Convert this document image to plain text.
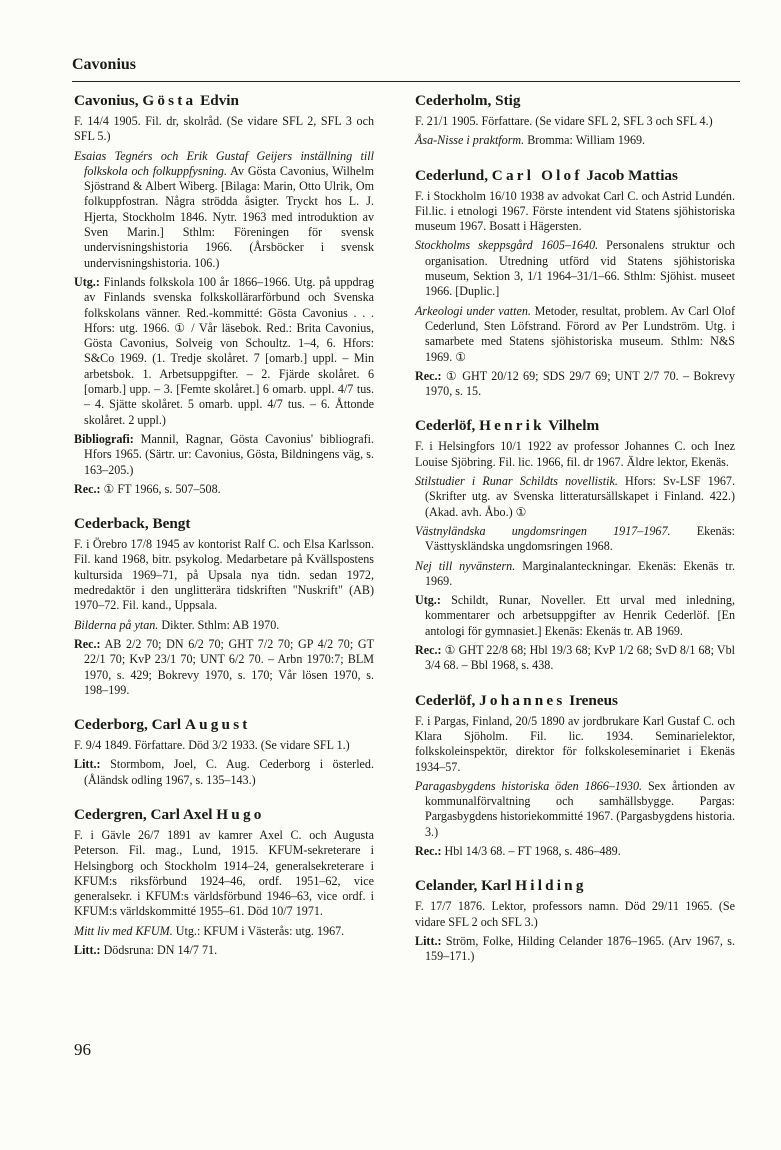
Cavonius
Cavonius, Gösta Edvin

F. 14/4 1905. Fil. dr, skolråd. (Se vidare SFL 2, SFL 3 och SFL 5.)

Esaias Tegnérs och Erik Gustaf Geijers inställning till folkskola och folkuppfysning. Av Gösta Cavonius, Wilhelm Sjöstrand & Albert Wiberg. [Bilaga: Marin, Otto Ulrik, Om folkuppfostran. Några strödda åsigter. Tryckt hos L. J. Hjerta, Stockholm 1846. Nytr. 1963 med introduktion av Sven Marin.] Sthlm: Föreningen för svensk undervisningshistoria 1966. (Årsböcker i svensk undervisningshistoria. 106.)

Utg.: Finlands folkskola 100 år 1866–1966. Utg. på uppdrag av Finlands svenska folkskollärarförbund och Svenska folkskolans vänner. Red.-kommitté: Gösta Cavonius . . . Hfors: utg. 1966. ① / Vår läsebok. Red.: Brita Cavonius, Gösta Cavonius, Solveig von Schoultz. 1–4, 6. Hfors: S&Co 1969. (1. Tredje skolåret. 7 [omarb.] uppl. – Min arbetsbok. 1. Arbetsuppgifter. – 2. Fjärde skolåret. 6 [omarb.] upp. – 3. [Femte skolåret.] 6 omarb. uppl. 4/7 tus. – 4. Sjätte skolåret. 5 omarb. uppl. 4/7 tus. – 6. Åttonde skolåret. 2 uppl.)

Bibliografi: Mannil, Ragnar, Gösta Cavonius' bibliografi. Hfors 1965. (Särtr. ur: Cavonius, Gösta, Bildningens väg, s. 163–205.)

Rec.: ① FT 1966, s. 507–508.

Cederback, Bengt

F. i Örebro 17/8 1945 av kontorist Ralf C. och Elsa Karlsson. Fil. kand 1968, bitr. psykolog. Medarbetare på Kvällspostens kultursida 1969–71, på Upsala nya tidn. sedan 1972, medredaktör i den unglitterära tidskriften "Nuskrift" (AB) 1970–72. Fil. kand., Uppsala.

Bilderna på ytan. Dikter. Sthlm: AB 1970.

Rec.: AB 2/2 70; DN 6/2 70; GHT 7/2 70; GP 4/2 70; GT 22/1 70; KvP 23/1 70; UNT 6/2 70. – Arbn 1970:7; BLM 1970, s. 429; Bokrevy 1970, s. 170; Vår lösen 1970, s. 198–199.

Cederborg, Carl August

F. 9/4 1849. Författare. Död 3/2 1933. (Se vidare SFL 1.)

Litt.: Stormbom, Joel, C. Aug. Cederborg i österled. (Åländsk odling 1967, s. 135–143.)

Cedergren, Carl Axel Hugo

F. i Gävle 26/7 1891 av kamrer Axel C. och Augusta Peterson. Fil. mag., Lund, 1915. KFUM-sekreterare i Helsingborg och Stockholm 1914–24, generalsekreterare i KFUM:s riksförbund 1924–46, ordf. 1951–62, vice generalsekr. i KFUM:s världsförbund 1946–63, vice ordf. i KFUM:s världskommitté 1955–61. Död 10/7 1971.

Mitt liv med KFUM. Utg.: KFUM i Västerås: utg. 1967.

Litt.: Dödsruna: DN 14/7 71.

Cederholm, Stig

F. 21/1 1905. Författare. (Se vidare SFL 2, SFL 3 och SFL 4.)

Åsa-Nisse i praktform. Bromma: William 1969.

Cederlund, Carl Olof Jacob Mattias

F. i Stockholm 16/10 1938 av advokat Carl C. och Astrid Lundén. Fil.lic. i etnologi 1967. Förste intendent vid Statens sjöhistoriska museum 1967. Bosatt i Hägersten.

Stockholms skeppsgård 1605–1640. Personalens struktur och organisation. Utredning utförd vid Statens sjöhistoriska museum, Sektion 3, 1/1 1964–31/1–66. Sthlm: Sjöhist. museet 1966. [Duplic.]

Arkeologi under vatten. Metoder, resultat, problem. Av Carl Olof Cederlund, Sten Löfstrand. Förord av Per Lundström. Utg. i samarbete med Statens sjöhistoriska museum. Sthlm: N&S 1969. ①

Rec.: ① GHT 20/12 69; SDS 29/7 69; UNT 2/7 70. – Bokrevy 1970, s. 15.

Cederlöf, Henrik Vilhelm

F. i Helsingfors 10/1 1922 av professor Johannes C. och Inez Louise Sjöbring. Fil. lic. 1966, fil. dr 1967. Äldre lektor, Ekenäs.

Stilstudier i Runar Schildts novellistik. Hfors: Sv-LSF 1967. (Skrifter utg. av Svenska litteratursällskapet i Finland. 422.) (Akad. avh. Åbo.) ①

Västnyländska ungdomsringen 1917–1967. Ekenäs: Västtyskländska ungdomsringen 1968.

Nej till nyvänstern. Marginalanteckningar. Ekenäs: Ekenäs tr. 1969.

Utg.: Schildt, Runar, Noveller. Ett urval med inledning, kommentarer och arbetsuppgifter av Henrik Cederlöf. [En antologi för gymnasiet.] Ekenäs: Ekenäs tr. AB 1969.

Rec.: ① GHT 22/8 68; Hbl 19/3 68; KvP 1/2 68; SvD 8/1 68; Vbl 3/4 68. – Bbl 1968, s. 438.

Cederlöf, Johannes Ireneus

F. i Pargas, Finland, 20/5 1890 av jordbrukare Karl Gustaf C. och Klara Sjöholm. Fil. lic. 1934. Seminarielektor, folkskoleinspektör, direktor för folkskoleseminariet i Ekenäs 1934–57.

Paragasbygdens historiska öden 1866–1930. Sex årtionden av kommunalförvaltning och samhällsbygge. Pargas: Pargasbygdens historiekommitté 1967. (Pargasbygdens historia. 3.)

Rec.: Hbl 14/3 68. – FT 1968, s. 486–489.

Celander, Karl Hilding

F. 17/7 1876. Lektor, professors namn. Död 29/11 1965. (Se vidare SFL 2 och SFL 3.)

Litt.: Ström, Folke, Hilding Celander 1876–1965. (Arv 1967, s. 159–171.)

96
